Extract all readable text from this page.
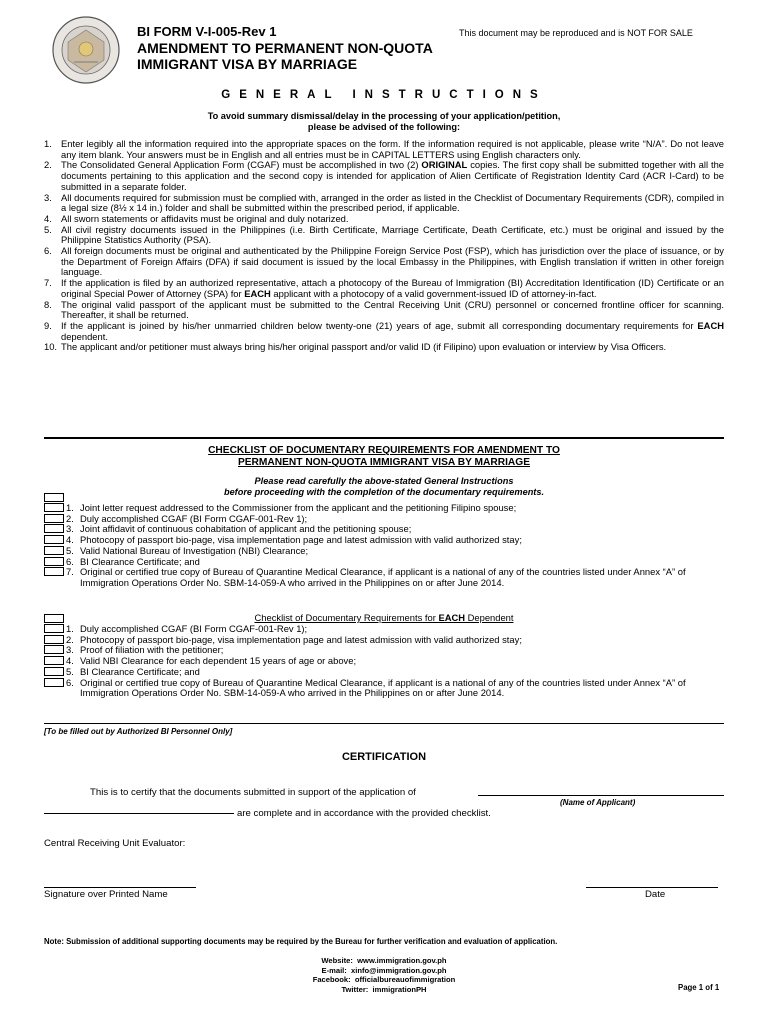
BI FORM V-I-005-Rev 1	This document may be reproduced and is NOT FOR SALE
AMENDMENT TO PERMANENT NON-QUOTA
IMMIGRANT VISA BY MARRIAGE
GENERAL INSTRUCTIONS
To avoid summary dismissal/delay in the processing of your application/petition,
please be advised of the following:
1. Enter legibly all the information required into the appropriate spaces on the form. If the information required is not applicable, please write “N/A”. Do not leave any item blank. Your answers must be in English and all entries must be in CAPITAL LETTERS using English characters only.
2. The Consolidated General Application Form (CGAF) must be accomplished in two (2) ORIGINAL copies. The first copy shall be submitted together with all the documents pertaining to this application and the second copy is intended for application of Alien Certificate of Registration Identity Card (ACR I-Card) to be submitted in a separate folder.
3. All documents required for submission must be complied with, arranged in the order as listed in the Checklist of Documentary Requirements (CDR), compiled in a legal size (8½ x 14 in.) folder and shall be submitted within the prescribed period, if applicable.
4. All sworn statements or affidavits must be original and duly notarized.
5. All civil registry documents issued in the Philippines (i.e. Birth Certificate, Marriage Certificate, Death Certificate, etc.) must be original and issued by the Philippine Statistics Authority (PSA).
6. All foreign documents must be original and authenticated by the Philippine Foreign Service Post (FSP), which has jurisdiction over the place of issuance, or by the Department of Foreign Affairs (DFA) if said document is issued by the local Embassy in the Philippines, with English translation if written in other foreign language.
7. If the application is filed by an authorized representative, attach a photocopy of the Bureau of Immigration (BI) Accreditation Identification (ID) Certificate or an original Special Power of Attorney (SPA) for EACH applicant with a photocopy of a valid government-issued ID of attorney-in-fact.
8. The original valid passport of the applicant must be submitted to the Central Receiving Unit (CRU) personnel or concerned frontline officer for scanning. Thereafter, it shall be returned.
9. If the applicant is joined by his/her unmarried children below twenty-one (21) years of age, submit all corresponding documentary requirements for EACH dependent.
10. The applicant and/or petitioner must always bring his/her original passport and/or valid ID (if Filipino) upon evaluation or interview by Visa Officers.
CHECKLIST OF DOCUMENTARY REQUIREMENTS FOR AMENDMENT TO
PERMANENT NON-QUOTA IMMIGRANT VISA BY MARRIAGE
Please read carefully the above-stated General Instructions
before proceeding with the completion of the documentary requirements.
1. Joint letter request addressed to the Commissioner from the applicant and the petitioning Filipino spouse;
2. Duly accomplished CGAF (BI Form CGAF-001-Rev 1);
3. Joint affidavit of continuous cohabitation of applicant and the petitioning spouse;
4. Photocopy of passport bio-page, visa implementation page and latest admission with valid authorized stay;
5. Valid National Bureau of Investigation (NBI) Clearance;
6. BI Clearance Certificate; and
7. Original or certified true copy of Bureau of Quarantine Medical Clearance, if applicant is a national of any of the countries listed under Annex “A” of Immigration Operations Order No. SBM-14-059-A who arrived in the Philippines on or after June 2014.
Checklist of Documentary Requirements for EACH Dependent
1. Duly accomplished CGAF (BI Form CGAF-001-Rev 1);
2. Photocopy of passport bio-page, visa implementation page and latest admission with valid authorized stay;
3. Proof of filiation with the petitioner;
4. Valid NBI Clearance for each dependent 15 years of age or above;
5. BI Clearance Certificate; and
6. Original or certified true copy of Bureau of Quarantine Medical Clearance, if applicant is a national of any of the countries listed under Annex “A” of Immigration Operations Order No. SBM-14-059-A who arrived in the Philippines on or after June 2014.
[To be filled out by Authorized BI Personnel Only]
CERTIFICATION
This is to certify that the documents submitted in support of the application of
(Name of Applicant)
are complete and in accordance with the provided checklist.
Central Receiving Unit Evaluator:
Signature over Printed Name	Date
Note: Submission of additional supporting documents may be required by the Bureau for further verification and evaluation of application.
Website:  www.immigration.gov.ph
E-mail:  xinfo@immigration.gov.ph
Facebook:  officialbureauofimmigration
Twitter:  immigrationPH	Page 1 of 1
